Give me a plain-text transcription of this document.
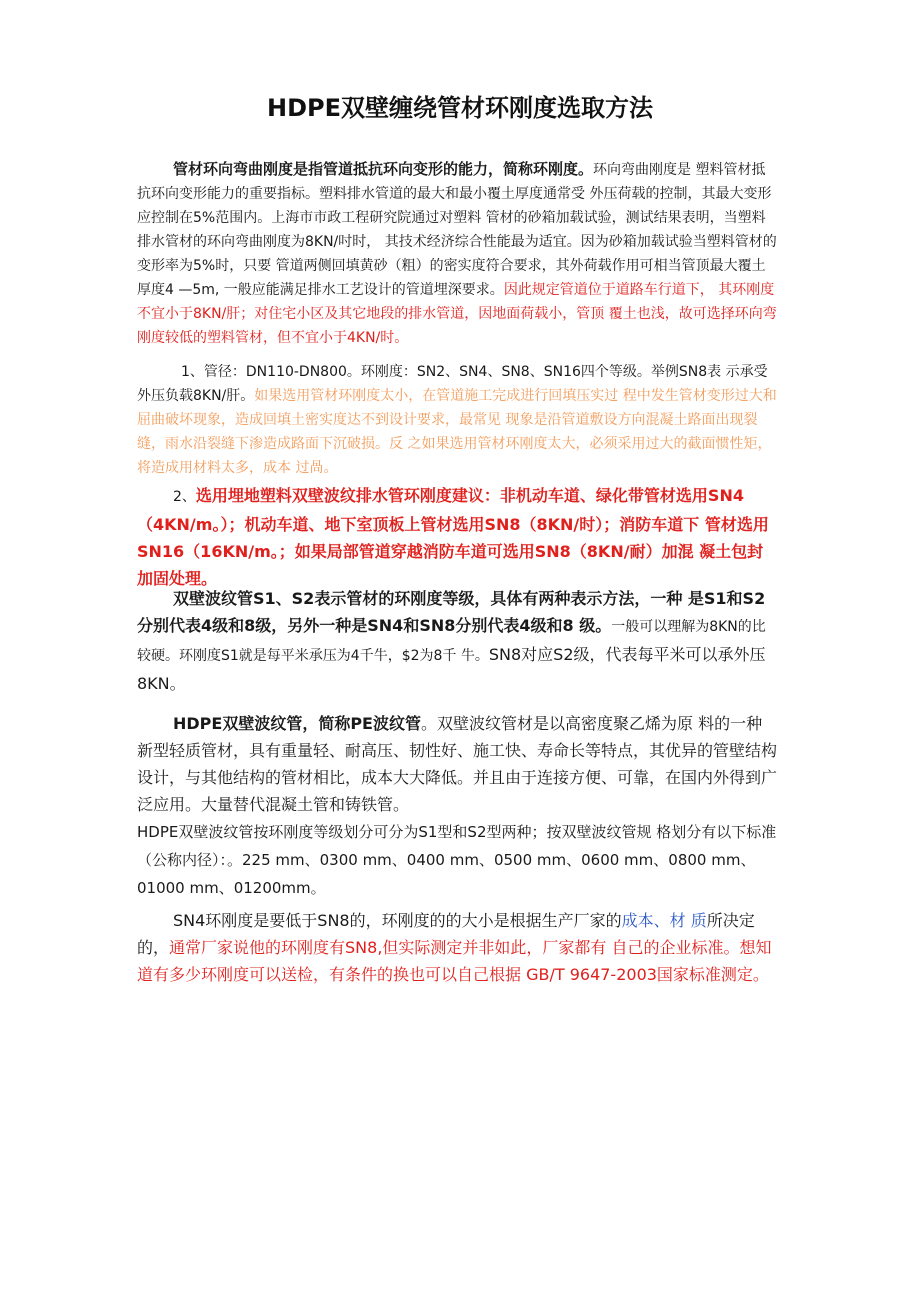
HDPE双壁缠绕管材环刚度选取方法

管材环向弯曲刚度是指管道抵抗环向变形的能力，简称环刚度。环向弯曲刚度是 塑料管材抵抗环向变形能力的重要指标。塑料排水管道的最大和最小覆土厚度通常受 外压荷载的控制，其最大变形应控制在5%范围内。上海市市政工程研究院通过对塑料 管材的砂箱加载试验，测试结果表明，当塑料排水管材的环向弯曲刚度为8KN/吋时， 其技术经济综合性能最为适宜。因为砂箱加载试验当塑料管材的变形率为5%时，只要 管道两侧回填黄砂（粗）的密实度符合要求，其外荷载作用可相当管顶最大覆土厚度4 —5m, 一般应能满足排水工艺设计的管道埋深要求。因此规定管道位于道路车行道下， 其环刚度不宜小于8KN/肝；对住宅小区及其它地段的排水管道，因地面荷载小，管顶 覆土也浅，故可选择环向弯刚度较低的塑料管材，但不宜小于4KN/时。

1、管径：DN110-DN800。环刚度：SN2、SN4、SN8、SN16四个等级。举例SN8表 示承受外压负载8KN/肝。如果选用管材环刚度太小，在管道施工完成进行回填压实过 程中发生管材变形过大和屈曲破坏现象，造成回填土密实度达不到设计要求，最常见 现象是沿管道敷设方向混凝土路面出现裂缝，雨水沿裂缝下渗造成路面下沉破损。反 之如果选用管材环刚度太大，必须采用过大的截面惯性矩，将造成用材料太多，成本 过咼。

2、选用埋地塑料双壁波纹排水管环刚度建议：非机动车道、绿化带管材选用SN4（4KN/m。）；机动车道、地下室顶板上管材选用SN8（8KN/时）；消防车道下 管材选用SN16（16KN/m。；如果局部管道穿越消防车道可选用SN8（8KN/耐）加混 凝土包封加固处理。

双壁波纹管S1、S2表示管材的环刚度等级，具体有两种表示方法，一种 是S1和S2分别代表4级和8级，另外一种是SN4和SN8分别代表4级和8 级。一般可以理解为8KN的比较硬。环刚度S1就是每平米承压为4千牛，$2为8千 牛。SN8对应S2级，代表每平米可以承外压8KN。

HDPE双壁波纹管，简称PE波纹管。双壁波纹管材是以高密度聚乙烯为原 料的一种新型轻质管材，具有重量轻、耐高压、韧性好、施工快、寿命长等特点，其优异的管壁结构设计，与其他结构的管材相比，成本大大降低。并且由于连接方便、可靠，在国内外得到广泛应用。大量替代混凝土管和铸铁管。
HDPE双壁波纹管按环刚度等级划分可分为S1型和S2型两种；按双壁波纹管规 格划分有以下标准（公称内径）：。225 mm、0300 mm、0400 mm、0500 mm、0600 mm、0800 mm、01000 mm、01200mm。

SN4环刚度是要低于SN8的，环刚度的的大小是根据生产厂家的成本、材 质所决定的，通常厂家说他的环刚度有SN8,但实际测定并非如此，厂家都有 自己的企业标准。想知道有多少环刚度可以送检，有条件的换也可以自己根据 GB/T 9647-2003国家标准测定。
